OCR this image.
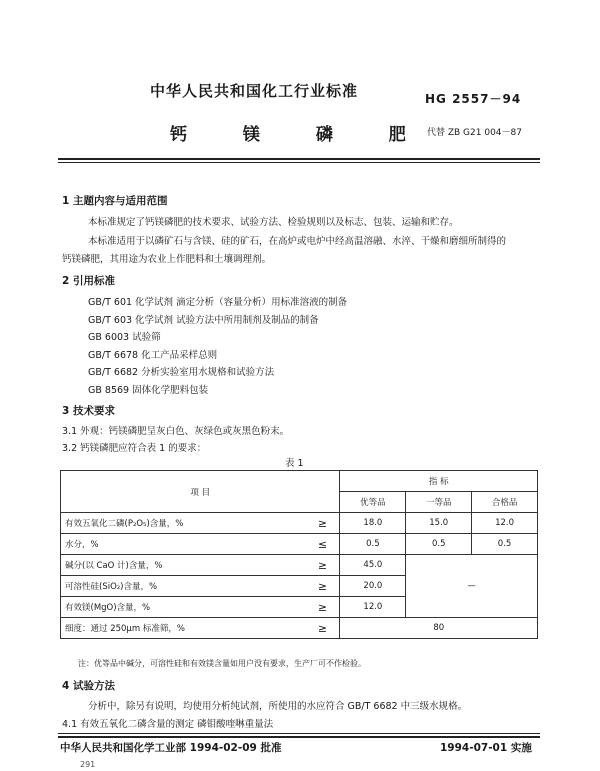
中华人民共和国化工行业标准	HG 2557－94
钙 镁 磷 肥
代替 ZB G21 004－87
1 主题内容与适用范围
本标准规定了钙镁磷肥的技术要求、试验方法、检验规则以及标志、包装、运输和贮存。
本标准适用于以磷矿石与含镁、硅的矿石，在高炉或电炉中经高温溶融、水淬、干燥和磨细所制得的
钙镁磷肥，其用途为农业上作肥料和土壤调理剂。
2 引用标准
GB/T 601 化学试剂 滴定分析（容量分析）用标准溶液的制备
GB/T 603 化学试剂 试验方法中所用制剂及制品的制备
GB 6003 试验筛
GB/T 6678 化工产品采样总则
GB/T 6682 分析实验室用水规格和试验方法
GB 8569 固体化学肥料包装
3 技术要求
3.1 外观：钙镁磷肥呈灰白色、灰绿色或灰黑色粉末。
3.2 钙镁磷肥应符合表 1 的要求：
表 1
项 目		指 标		
		优等品	一等品	合格品
有效五氧化二磷(P₂O₅)含量，%	≥	18.0	15.0	12.0
水分，%	≤	0.5	0.5	0.5
碱分(以 CaO 计)含量，%	≥	45.0	—	
可溶性硅(SiO₂)含量，%	≥	20.0		
有效镁(MgO)含量，%	≥	12.0		
细度：通过 250μm 标准筛，%	≥	80		
注：优等品中碱分，可溶性硅和有效镁含量如用户没有要求，生产厂可不作检验。
4 试验方法
分析中，除另有说明，均使用分析纯试剂，所使用的水应符合 GB/T 6682 中三级水规格。
4.1 有效五氧化二磷含量的测定 磷钼酸喹啉重量法
中华人民共和国化学工业部 1994-02-09 批准	1994-07-01 实施
291
